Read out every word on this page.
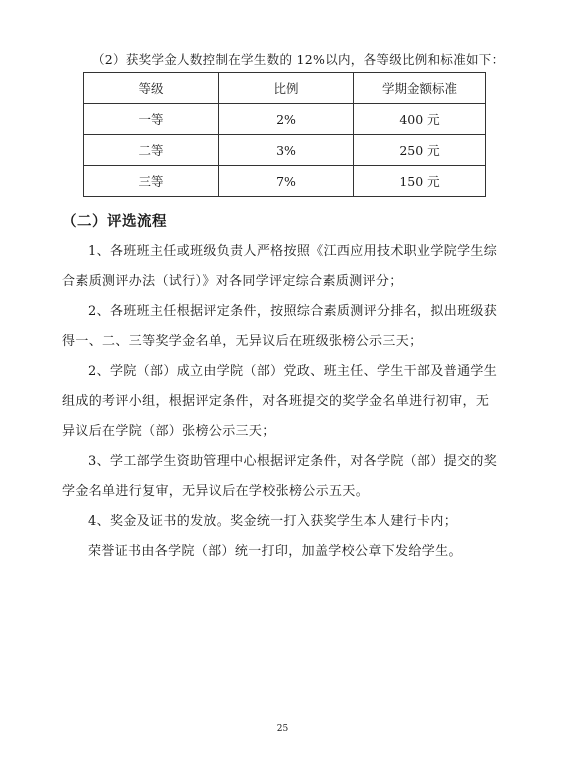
（2）获奖学金人数控制在学生数的 12%以内，各等级比例和标准如下：
等级	比例	学期金额标准
一等	2%	400 元
二等	3%	250 元
三等	7%	150 元
（二）评选流程

1、各班班主任或班级负责人严格按照《江西应用技术职业学院学生综合素质测评办法（试行）》对各同学评定综合素质测评分；

2、各班班主任根据评定条件，按照综合素质测评分排名，拟出班级获得一、二、三等奖学金名单，无异议后在班级张榜公示三天；

2、学院（部）成立由学院（部）党政、班主任、学生干部及普通学生组成的考评小组，根据评定条件，对各班提交的奖学金名单进行初审，无异议后在学院（部）张榜公示三天；

3、学工部学生资助管理中心根据评定条件，对各学院（部）提交的奖学金名单进行复审，无异议后在学校张榜公示五天。

4、奖金及证书的发放。奖金统一打入获奖学生本人建行卡内；

荣誉证书由各学院（部）统一打印，加盖学校公章下发给学生。

25
